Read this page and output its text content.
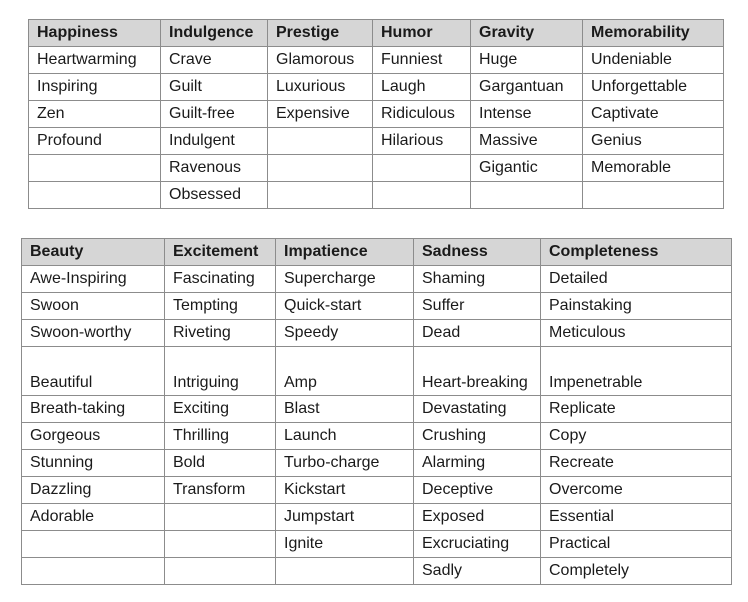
Happiness	Indulgence	Prestige	Humor	Gravity	Memorability
Heartwarming	Crave	Glamorous	Funniest	Huge	Undeniable
Inspiring	Guilt	Luxurious	Laugh	Gargantuan	Unforgettable
Zen	Guilt-free	Expensive	Ridiculous	Intense	Captivate
Profound	Indulgent		Hilarious	Massive	Genius
	Ravenous			Gigantic	Memorable
	Obsessed				
Beauty	Excitement	Impatience	Sadness	Completeness
Awe-Inspiring	Fascinating	Supercharge	Shaming	Detailed
Swoon	Tempting	Quick-start	Suffer	Painstaking
Swoon-worthy	Riveting	Speedy	Dead	Meticulous
Beautiful	Intriguing	Amp	Heart-breaking	Impenetrable
Breath-taking	Exciting	Blast	Devastating	Replicate
Gorgeous	Thrilling	Launch	Crushing	Copy
Stunning	Bold	Turbo-charge	Alarming	Recreate
Dazzling	Transform	Kickstart	Deceptive	Overcome
Adorable		Jumpstart	Exposed	Essential
		Ignite	Excruciating	Practical
			Sadly	Completely
